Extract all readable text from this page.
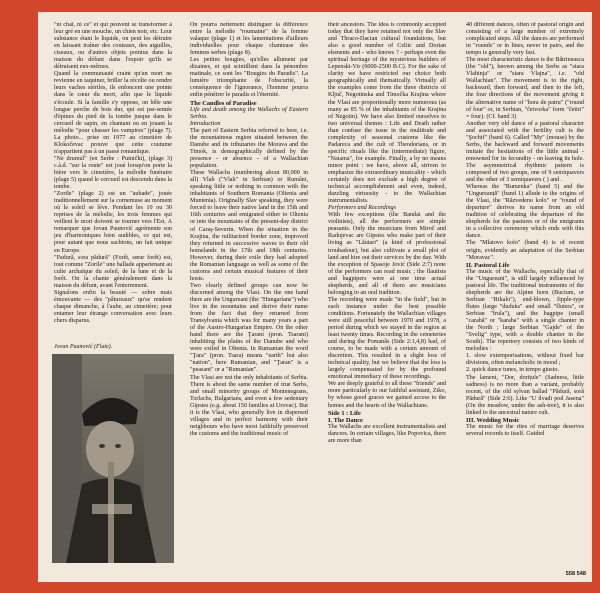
"ni chaï, ni ce" et qui peuvent se transformer à leur gré en une mouche, un chien noir, etc. Leur substance étant le liquide, on peut les détruire en laissant traîner des couteaux, des aiguilles, ciseaux, ou d'autres objets pointus dans la maison du défunt dans l'espoir qu'ils se détruisent eux-mêmes.

Quand la communauté craint qu'un mort ne revienne en taquiner, briller la récolte ou rendre leurs vaches stériles, ils enfoncent une pointe dans le cœur du mort, afin que le liquide s'écoule. Si la famille s'y oppose, on bêle une longue perche de bois dur, qui est par-semée d'épines du pied de la tombe jusque dans le cercueil de sapin, en chantant ou en jouant la mélodie "pour chasser les vampires" (plage 7). La photo... prise en 1977 au cimetière de Klokočevac prouve que cette coutume n'appartient pas à un passé romantique.

"Ne drumul" (en Serbe : Putnički), (plage 3) c.à.d. "sur la route" est joué lorsqu'on porte la bière vers le cimetière, la mélodie funéraire (plage 5) quand le cercueil est descendu dans la tombe.

"Zorile" (plage 2) est un "aubade", jouée traditionnellement sur la cornemuse au moment où le soleil se lève. Pendant les 10 ou 30 reprises de la mélodie, les trois femmes qui veillent le mort doivent se tourner vers l'Est. A remarquer que Jovan Paunović agrémente son jeu d'harmoniques bien audibles, ce qui est, pour autant que nous sachions, un fait unique en Europe.

"Padură, sora pădură" (Forêt, sœur forêt) est, tout comme "Zorile" une ballade appartenant au culte archaïque du soleil, de la lune et de la forêt. On la chante généralement dans la maison du défunt, avant l'enterrement.

Signalons enfin la beauté — sobre mais émouvante — des "pâtureaux" qu'se rendent chaque dimanche, à l'aube, au cimetière; pour entamer leur étrange conversation avec leurs chers disparus.

On pourra nettement distinguer la différence entre la mélodie "roumaine" de la femme valaque (plage 1) et les lamentations d'ailleurs individuelles pour chaque chanteuse des femmes serbes (plage 8).

Les petites bougies, qu'elles allument par dizaines, et qui scintillent dans la pénombre matinale, ce sont les "Bougies du Paradis". La lumière triomphante de l'obscurité, la conséquence de l'ignorance, l'homme pourra enfin pénétrer le paradis et l'éternité.

The Candles of Paradise

Life and death among the Wallachs of Eastern Serbia.

Introduction

The part of Eastern Serbia referred to here, i.e. the mountainous region situated between the Danube and its tributaries the Morava and the Timok, is demographically defined by the presence - or absence - of a Wallachian population.

These Wallachs (numbering about 80,000 in all) Vlah ("Vlah" in Serbian) or Rumâni, speaking little or nothing in common with the inhabitants of Southern Romania (Oltenia and Muntenia). Originally Slav speaking, they were forced to leave their native land in the 15th and 16th centuries and emigrated either to Oltenia or into the mountains of the present-day district of Caraş-Severin. When the situation in the Krajina, the militarized border zone, improved they returned in successive waves to their old homelands in the 17th and 18th centuries. However, during their exile they had adopted the Romanian language as well as some of the customs and certain musical features of their hosts.

Two clearly defined groups can now be discerned among the Vlasi. On the one hand there are the Ungureani (the "Hungarians") who live in the mountains and derive their name from the fact that they returned from Transylvania which was for many years a part of the Austro-Hungarian Empire. On the other hand there are the Ţarani (pron. Tsarani) inhabiting the plains of the Danube and who were exiled in Oltenia. In Rumanian the word "Ţara" (pron. Tsara) means "earth" but also "nation", here Rumanian, and "Ţaran" is a "peasant" or a "Rumanian".

The Vlasi are not the only inhabitants of Serbia. There is about the same number of true Serbs, and small minority groups of Montenegrans, Torlachs, Bulgarians, and even a few sedentary Gipsies (e.g. about 150 families at Urovac). But it is the Vlasi, who generally live in dispersed villages and in perfect harmony with their neighbours who have most faithfully preserved the customs and the traditional music of

their ancestors. The idea is commonly accepted today that they have retained not only the Slav and Thraco-Dacian cultural foundations, but also a good number of Celtic and Dorian elements and - who knows ? - perhaps even the spiritual heritage of the mysterious builders of Lepenski-Vir (6000-2500 B.C). For the sake of clarity we have restricted our choice both geographically and thematically. Virtually all the examples come from the three districts of Ključ, Negotinska and Timočka Krajina where the Vlasi are proportionally more numerous (as many as 85 % of the inhabitants of the Krajina of Negotin). We have also limited ourselves to two universal themes : Life and Death rather than confuse the issue in the multitude and complexity of seasonal customs like the Padareca and the cult of Theodorians, or in specific rituals like the (intermediate) figure, "Naiama", for example. Finally, a by no means minor point : we have, above all, striven to emphasize the extraordinary musicality - which certainly does not exclude a high degree of technical accomplishment and even, indeed, dazzling virtuosity - to the Wallachian instrumentalists.

Performers and Recordings

With few exceptions (the Bandat and the violinists), all the performers are simple peasants. Only the musicians from Miroč and Radujevac are Gipsies who make part of their living as "Lăutari" (a kind of professional troubadour), but also cultivate a small plot of land and hire out their services by the day. With the exception of Spasoje Jović (Side 2:7) none of the performers can read music ; the flautists and bagpipers were at one time actual shepherds, and all of them are musicians belonging to an oral tradition.

The recording were made "in the field", but in each instance under the best possible conditions. Fortunately the Wallachian villages were still peaceful between 1970 and 1978, a period during which we stayed in the region at least twenty times. Recording in the cemeteries and during the Pomanăs (Side 2:1,4,8) had, of course, to be made with a certain amount of discretion. This resulted in a slight loss of technical quality, but we believe that the loss is largely compensated for by the profound emotional immediacy of these recordings.

We are deeply grateful to all these "friends" and more particularly to our faithful assistant, Ziko, by whose good graces we gained access to the homes and the hearts of the Wallachians.

Side 1 : Life
I. The Dance

The Wallachs are excellent instrumentalists and dancers. In certain villages, like Popovica, there are more than

40 different dances, often of pastoral origin and consisting of a large number of extremely complicated steps. All the dances are performed in "rounds" or in lines, never in pairs, and the tempo is generally very fast.

The most characteristic dance is the Bătrineasca (the "old"), known among the Serbs as "stara Vlahinja" or "stara Vlajna", i.e. "old Wallachian". The movement is to the right, backward, then forward, and then to the left, the four directions of the movement giving it the alternative name of "hora de patru" ("round of four" or, in Serbian, "četvorka" form "četiri" = four). (Cf. band 3)

Another very old dance of a pastoral character and associated with the fertility cult is the "Şochif" (band 6). Called "My" (mouse) by the Serbs, the backward and forward movements imitate the hesitations of the little animal - renowned for its fecundity - on leaving its hole. The asymmetrical rhythmic pattern is composed of two groups, one of 9 semiquavers and the other of 3 semiquavers ( ) and .

Whereas the "Rumenka" (band 5) and the "Ungureanță" (band 1) allude to the origins of the Vlasi, the "Răzvedeno kolo" or "round of departure" derives its name from an old tradition of celebrating the departure of the shepherds for the pastures or of the emigrants in a collective ceremony which ends with this dance.

The "Mlatovo kolo" (band 4) is of recent origin, evidently an adaptation of the Serbian "Moravac".

II. Pastoral Life

The music of the Wallachs, especially that of the "Ungureani", is still largely influenced by pastoral life. The traditional instruments of the shepherds are the Alpine horn (Bucium, or Serbian "Rikalo"), end-blown, fipple-type flutes (large "duduks" and small "fluiers", or Serbian "frula"), and the bagpipe (small "carabă" or "karaba" with a single chanter in the North ; large Serbian "Gajde" of the "Svelig" type, with a double chanter in the South). The repertory consists of two kinds of melodies :

1. slow extemporisations, without fixed bar divisions, often melancholic in mood ;

2. quick dance tunes, in tempo giusto.

The lament, "Dor, dorițule" (Sadness, little sadness) is no more than a variant, probably recent, of the old sylvan ballad "Pădură, soră Pădură" (Side 2:6). Like "U ilvadi pod Jasena" (On the meadow, under the ash-tree), it is also linked to the ancestral nature cult.

III. Wedding Music

The music for the rites of marriage deserves several records to itself. Guided

Jovan Paunović (Flute).
558 548
